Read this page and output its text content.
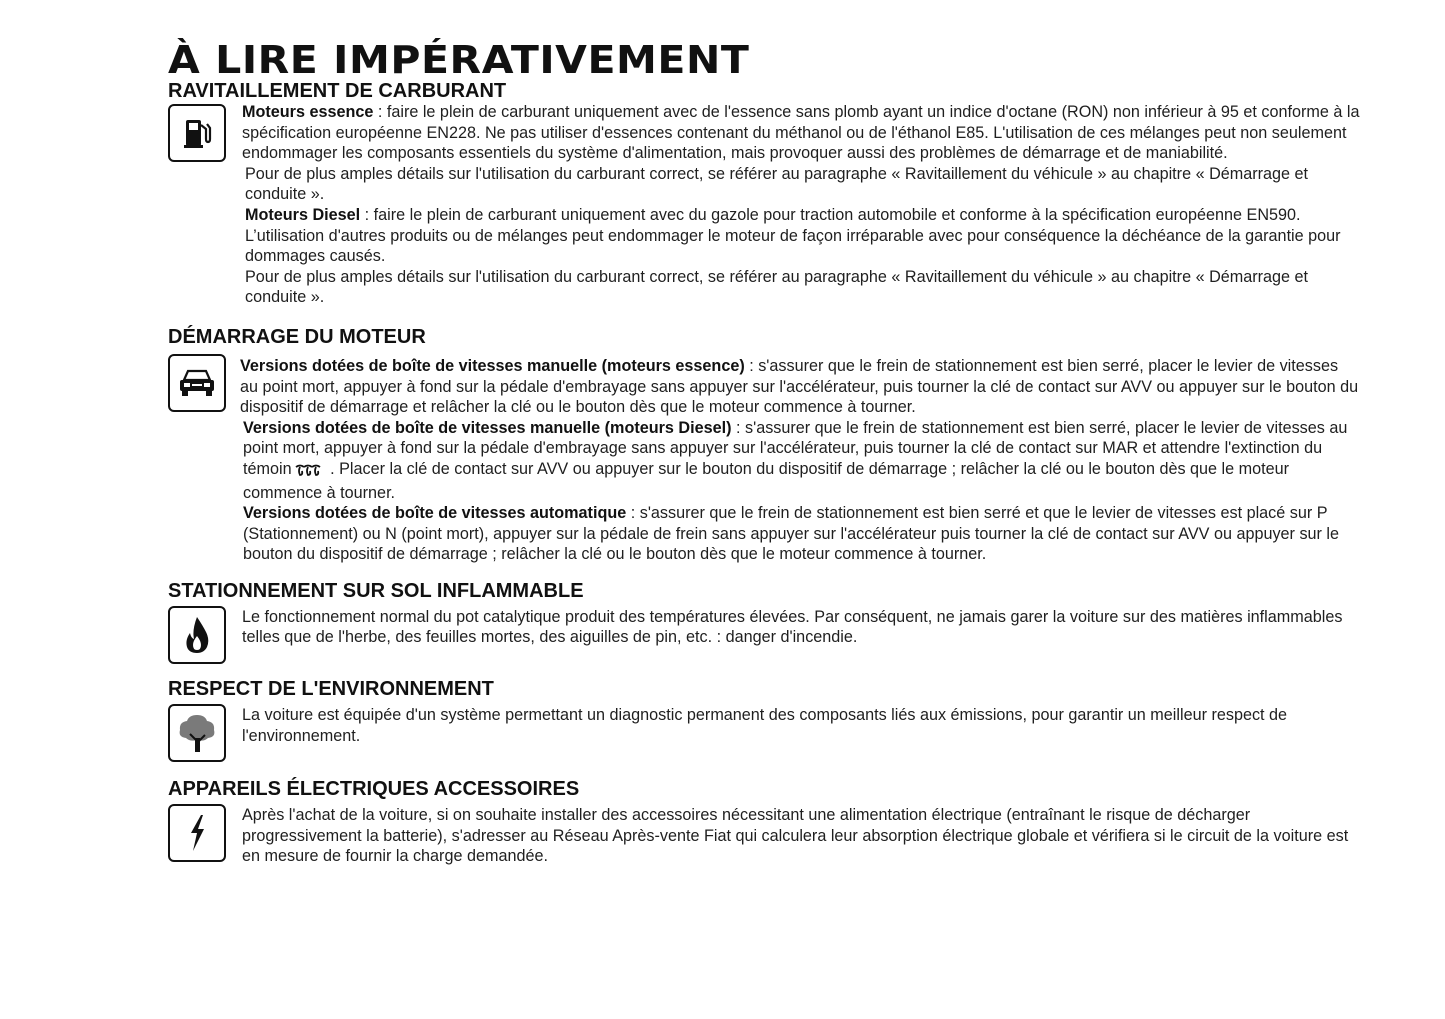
À LIRE IMPÉRATIVEMENT
RAVITAILLEMENT DE CARBURANT

Moteurs essence : faire le plein de carburant uniquement avec de l'essence sans plomb ayant un indice d'octane (RON) non inférieur à 95 et conforme à la spécification européenne EN228. Ne pas utiliser d'essences contenant du méthanol ou de l'éthanol E85. L'utilisation de ces mélanges peut non seulement endommager les composants essentiels du système d'alimentation, mais provoquer aussi des problèmes de démarrage et de maniabilité.

Pour de plus amples détails sur l'utilisation du carburant correct, se référer au paragraphe « Ravitaillement du véhicule » au chapitre « Démarrage et conduite ».

Moteurs Diesel : faire le plein de carburant uniquement avec du gazole pour traction automobile et conforme à la spécification européenne EN590. L’utilisation d'autres produits ou de mélanges peut endommager le moteur de façon irréparable avec pour conséquence la déchéance de la garantie pour dommages causés.

Pour de plus amples détails sur l'utilisation du carburant correct, se référer au paragraphe « Ravitaillement du véhicule » au chapitre « Démarrage et conduite ».

DÉMARRAGE DU MOTEUR

Versions dotées de boîte de vitesses manuelle (moteurs essence) : s'assurer que le frein de stationnement est bien serré, placer le levier de vitesses au point mort, appuyer à fond sur la pédale d'embrayage sans appuyer sur l'accélérateur, puis tourner la clé de contact sur AVV ou appuyer sur le bouton du dispositif de démarrage et relâcher la clé ou le bouton dès que le moteur commence à tourner.

Versions dotées de boîte de vitesses manuelle (moteurs Diesel) : s'assurer que le frein de stationnement est bien serré, placer le levier de vitesses au point mort, appuyer à fond sur la pédale d'embrayage sans appuyer sur l'accélérateur, puis tourner la clé de contact sur MAR et attendre l'extinction du témoin . Placer la clé de contact sur AVV ou appuyer sur le bouton du dispositif de démarrage ; relâcher la clé ou le bouton dès que le moteur commence à tourner.

Versions dotées de boîte de vitesses automatique : s'assurer que le frein de stationnement est bien serré et que le levier de vitesses est placé sur P (Stationnement) ou N (point mort), appuyer sur la pédale de frein sans appuyer sur l'accélérateur puis tourner la clé de contact sur AVV ou appuyer sur le bouton du dispositif de démarrage ; relâcher la clé ou le bouton dès que le moteur commence à tourner.

STATIONNEMENT SUR SOL INFLAMMABLE

Le fonctionnement normal du pot catalytique produit des températures élevées. Par conséquent, ne jamais garer la voiture sur des matières inflammables telles que de l'herbe, des feuilles mortes, des aiguilles de pin, etc. : danger d'incendie.

RESPECT DE L'ENVIRONNEMENT

La voiture est équipée d'un système permettant un diagnostic permanent des composants liés aux émissions, pour garantir un meilleur respect de l'environnement.

APPAREILS ÉLECTRIQUES ACCESSOIRES

Après l'achat de la voiture, si on souhaite installer des accessoires nécessitant une alimentation électrique (entraînant le risque de décharger progressivement la batterie), s'adresser au Réseau Après-vente Fiat qui calculera leur absorption électrique globale et vérifiera si le circuit de la voiture est en mesure de fournir la charge demandée.
